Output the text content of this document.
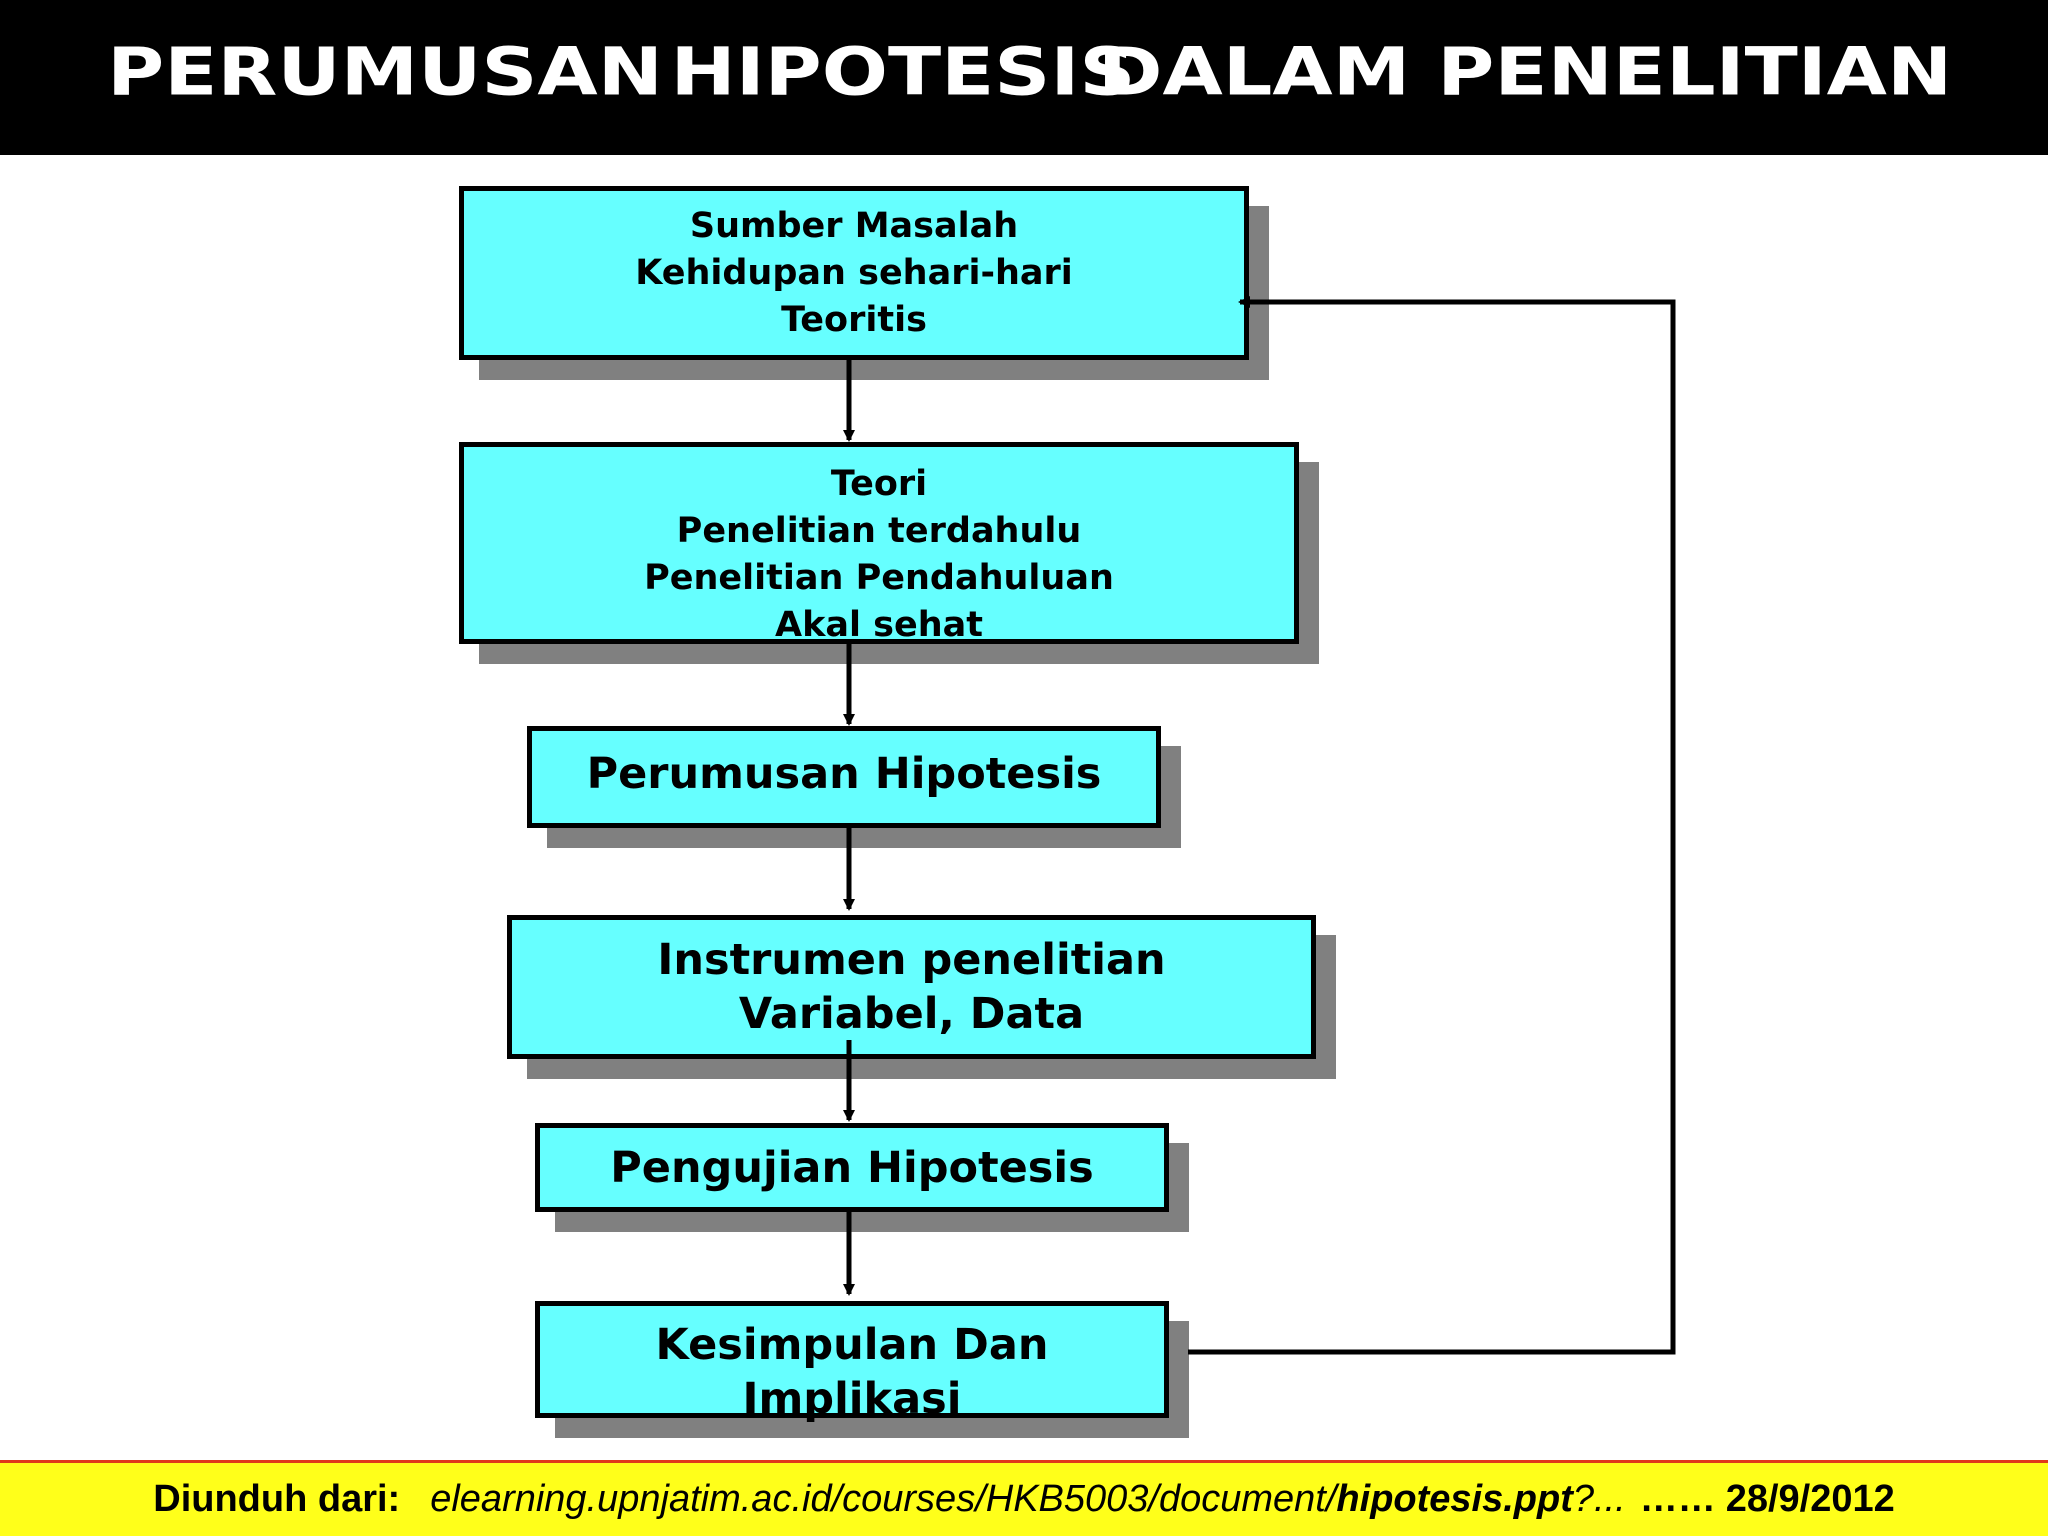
PERUMUSAN HIPOTESIS
DALAM PENELITIAN
Sumber Masalah
Kehidupan sehari-hari
Teoritis
Teori
Penelitian terdahulu
Penelitian Pendahuluan
Akal sehat
Perumusan Hipotesis
Instrumen penelitian
Variabel, Data
Pengujian Hipotesis
Kesimpulan Dan
Implikasi
Diunduh dari: elearning.upnjatim.ac.id/courses/HKB5003/document/ hipotesis.ppt ?... …… 28/9/2012
